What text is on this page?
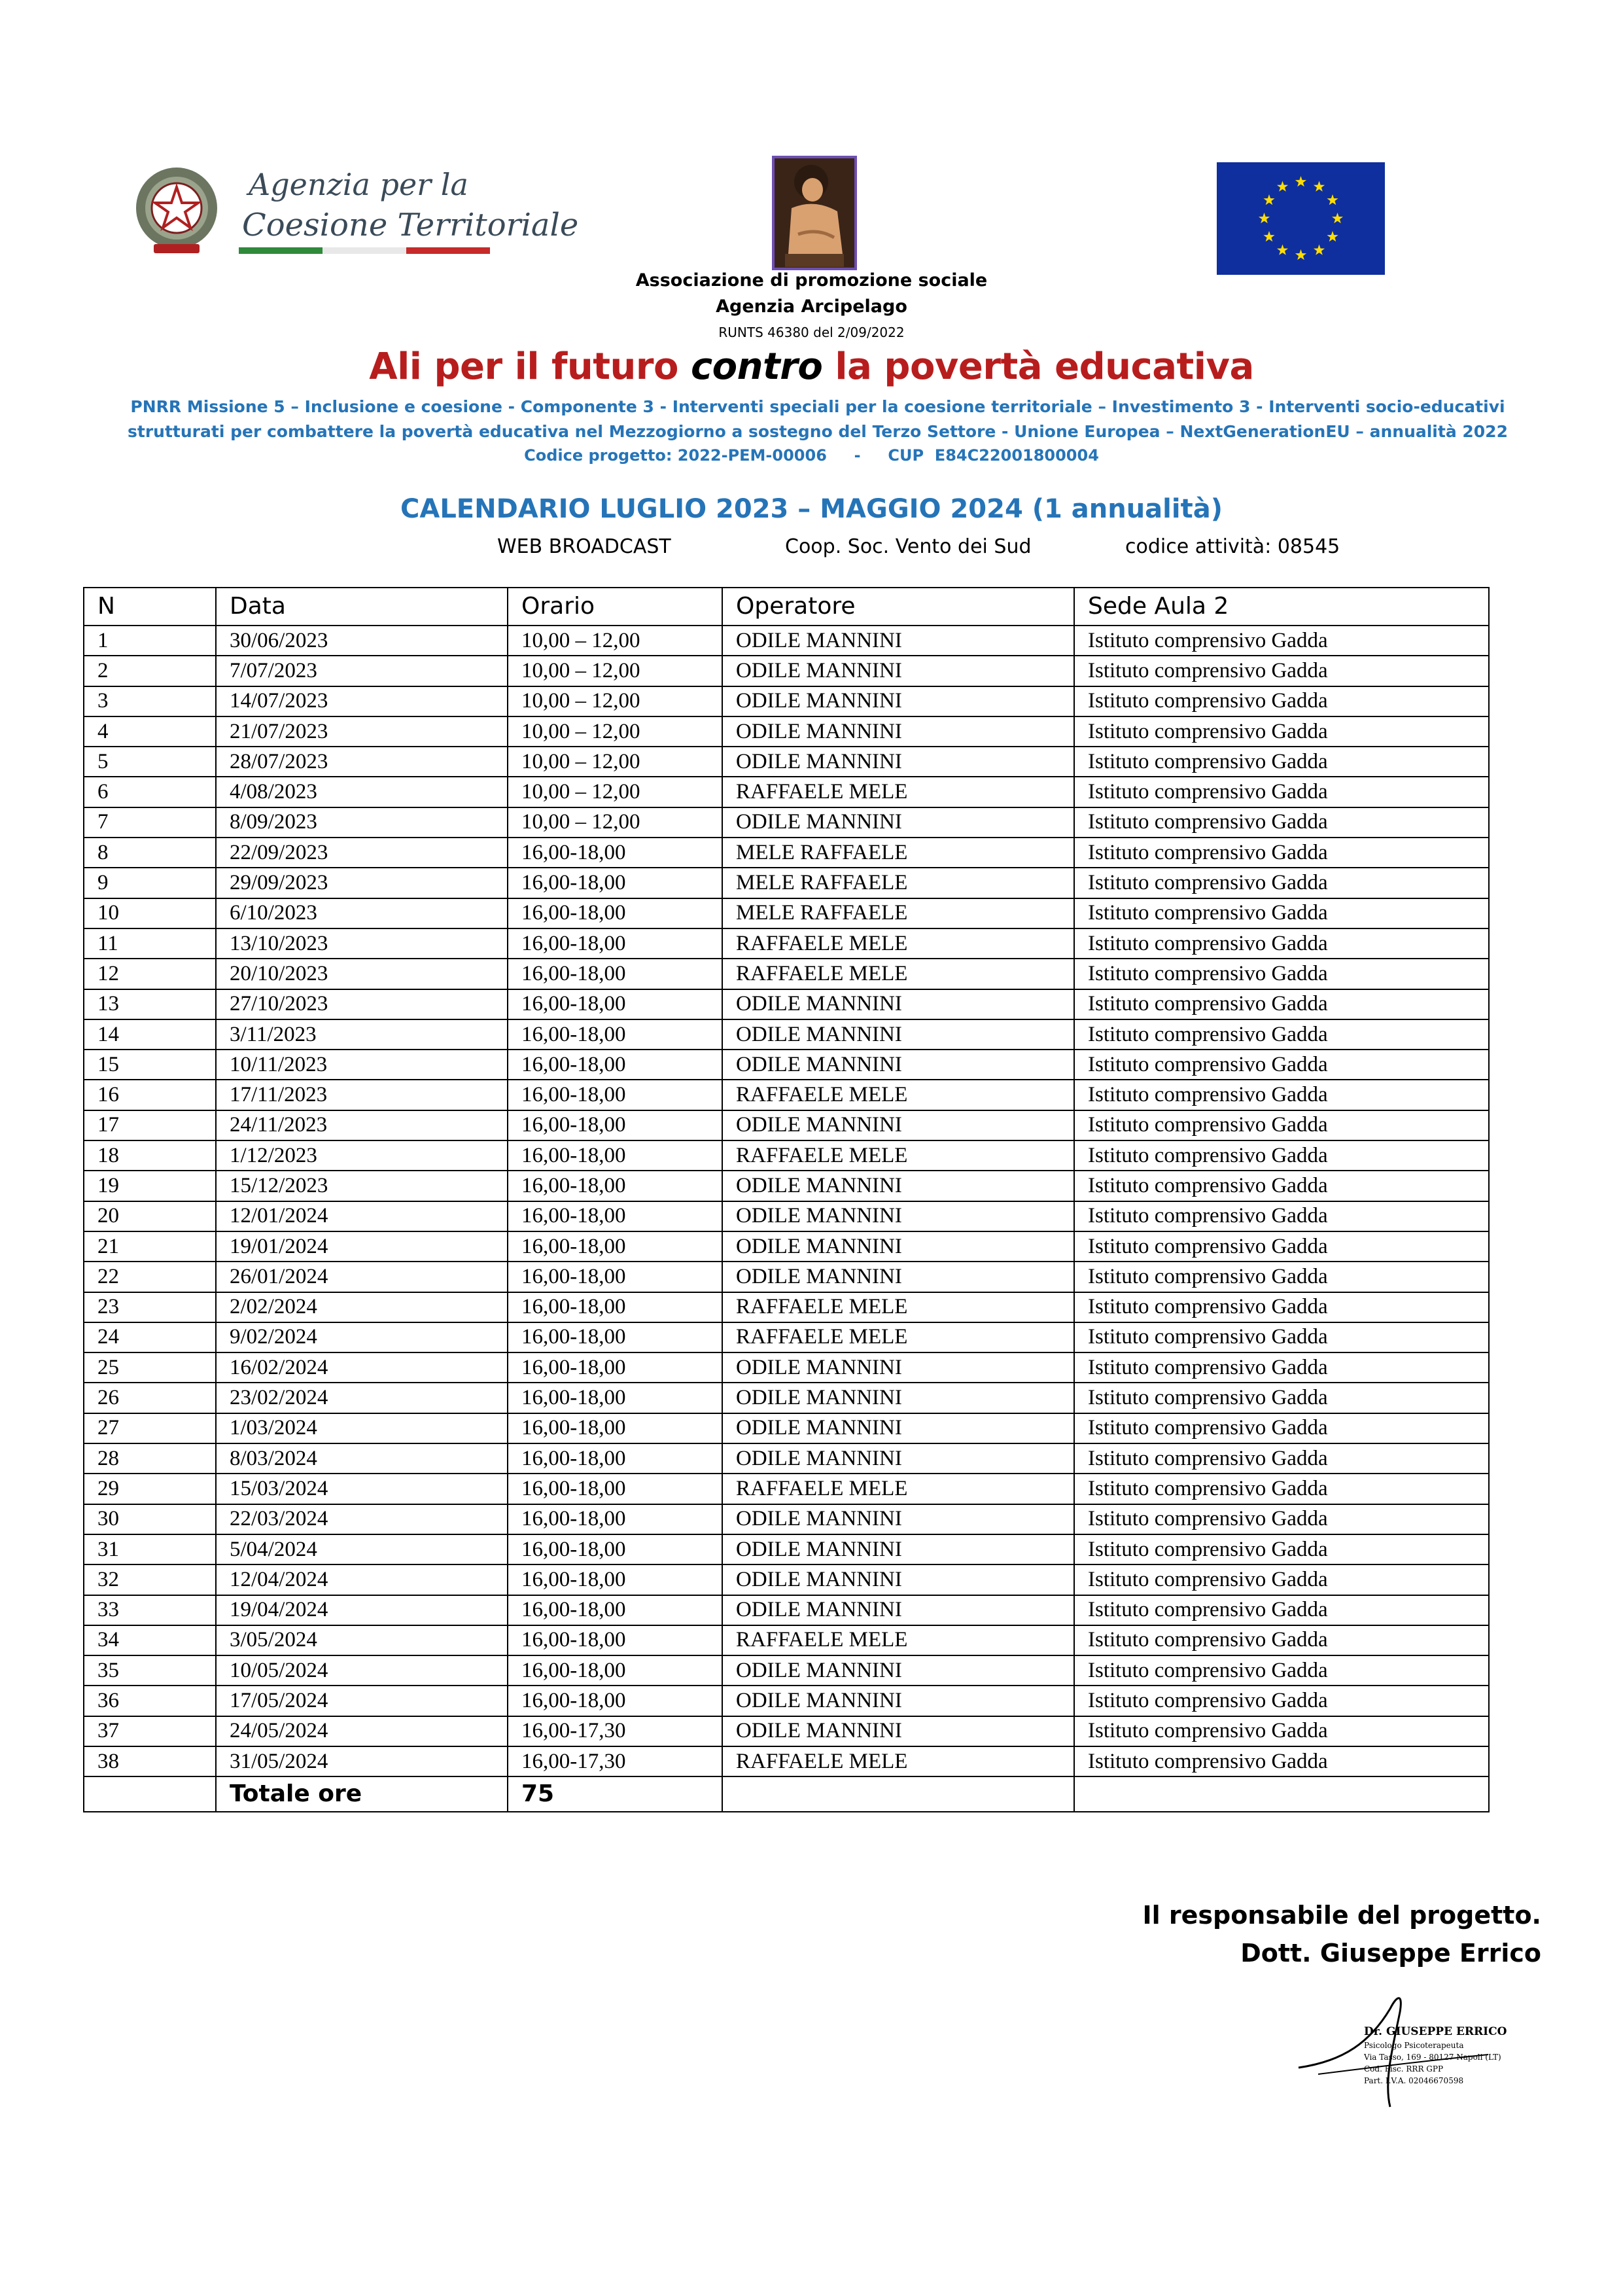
Agenzia per la
Coesione Territoriale
Associazione di promozione sociale
Agenzia Arcipelago
RUNTS 46380 del 2/09/2022
Ali per il futuro contro la povertà educativa
PNRR Missione 5 – Inclusione e coesione - Componente 3 - Interventi speciali per la coesione territoriale – Investimento 3 - Interventi socio-educativi strutturati per combattere la povertà educativa nel Mezzogiorno a sostegno del Terzo Settore - Unione Europea – NextGenerationEU – annualità 2022
Codice progetto: 2022-PEM-00006     -     CUP  E84C22001800004
CALENDARIO LUGLIO 2023 – MAGGIO 2024 (1 annualità)
WEB BROADCAST	Coop. Soc. Vento dei Sud	codice attività: 08545
N	Data	Orario	Operatore	Sede Aula 2
1	30/06/2023	10,00 – 12,00	ODILE MANNINI	Istituto comprensivo Gadda
2	7/07/2023	10,00 – 12,00	ODILE MANNINI	Istituto comprensivo Gadda
3	14/07/2023	10,00 – 12,00	ODILE MANNINI	Istituto comprensivo Gadda
4	21/07/2023	10,00 – 12,00	ODILE MANNINI	Istituto comprensivo Gadda
5	28/07/2023	10,00 – 12,00	ODILE MANNINI	Istituto comprensivo Gadda
6	4/08/2023	10,00 – 12,00	RAFFAELE MELE	Istituto comprensivo Gadda
7	8/09/2023	10,00 – 12,00	ODILE MANNINI	Istituto comprensivo Gadda
8	22/09/2023	16,00-18,00	MELE RAFFAELE	Istituto comprensivo Gadda
9	29/09/2023	16,00-18,00	MELE RAFFAELE	Istituto comprensivo Gadda
10	6/10/2023	16,00-18,00	MELE RAFFAELE	Istituto comprensivo Gadda
11	13/10/2023	16,00-18,00	RAFFAELE MELE	Istituto comprensivo Gadda
12	20/10/2023	16,00-18,00	RAFFAELE MELE	Istituto comprensivo Gadda
13	27/10/2023	16,00-18,00	ODILE MANNINI	Istituto comprensivo Gadda
14	3/11/2023	16,00-18,00	ODILE MANNINI	Istituto comprensivo Gadda
15	10/11/2023	16,00-18,00	ODILE MANNINI	Istituto comprensivo Gadda
16	17/11/2023	16,00-18,00	RAFFAELE MELE	Istituto comprensivo Gadda
17	24/11/2023	16,00-18,00	ODILE MANNINI	Istituto comprensivo Gadda
18	1/12/2023	16,00-18,00	RAFFAELE MELE	Istituto comprensivo Gadda
19	15/12/2023	16,00-18,00	ODILE MANNINI	Istituto comprensivo Gadda
20	12/01/2024	16,00-18,00	ODILE MANNINI	Istituto comprensivo Gadda
21	19/01/2024	16,00-18,00	ODILE MANNINI	Istituto comprensivo Gadda
22	26/01/2024	16,00-18,00	ODILE MANNINI	Istituto comprensivo Gadda
23	2/02/2024	16,00-18,00	RAFFAELE MELE	Istituto comprensivo Gadda
24	9/02/2024	16,00-18,00	RAFFAELE MELE	Istituto comprensivo Gadda
25	16/02/2024	16,00-18,00	ODILE MANNINI	Istituto comprensivo Gadda
26	23/02/2024	16,00-18,00	ODILE MANNINI	Istituto comprensivo Gadda
27	1/03/2024	16,00-18,00	ODILE MANNINI	Istituto comprensivo Gadda
28	8/03/2024	16,00-18,00	ODILE MANNINI	Istituto comprensivo Gadda
29	15/03/2024	16,00-18,00	RAFFAELE MELE	Istituto comprensivo Gadda
30	22/03/2024	16,00-18,00	ODILE MANNINI	Istituto comprensivo Gadda
31	5/04/2024	16,00-18,00	ODILE MANNINI	Istituto comprensivo Gadda
32	12/04/2024	16,00-18,00	ODILE MANNINI	Istituto comprensivo Gadda
33	19/04/2024	16,00-18,00	ODILE MANNINI	Istituto comprensivo Gadda
34	3/05/2024	16,00-18,00	RAFFAELE MELE	Istituto comprensivo Gadda
35	10/05/2024	16,00-18,00	ODILE MANNINI	Istituto comprensivo Gadda
36	17/05/2024	16,00-18,00	ODILE MANNINI	Istituto comprensivo Gadda
37	24/05/2024	16,00-17,30	ODILE MANNINI	Istituto comprensivo Gadda
38	31/05/2024	16,00-17,30	RAFFAELE MELE	Istituto comprensivo Gadda
	Totale ore	75		
Il responsabile del progetto.
Dott. Giuseppe Errico
Dr. GIUSEPPE ERRICO
Psicologo Psicoterapeuta
Via Tasso, 169 - 80127 Napoli (LT)
Cod. Fisc. RRR GPP
Part. I.V.A. 02046670598
